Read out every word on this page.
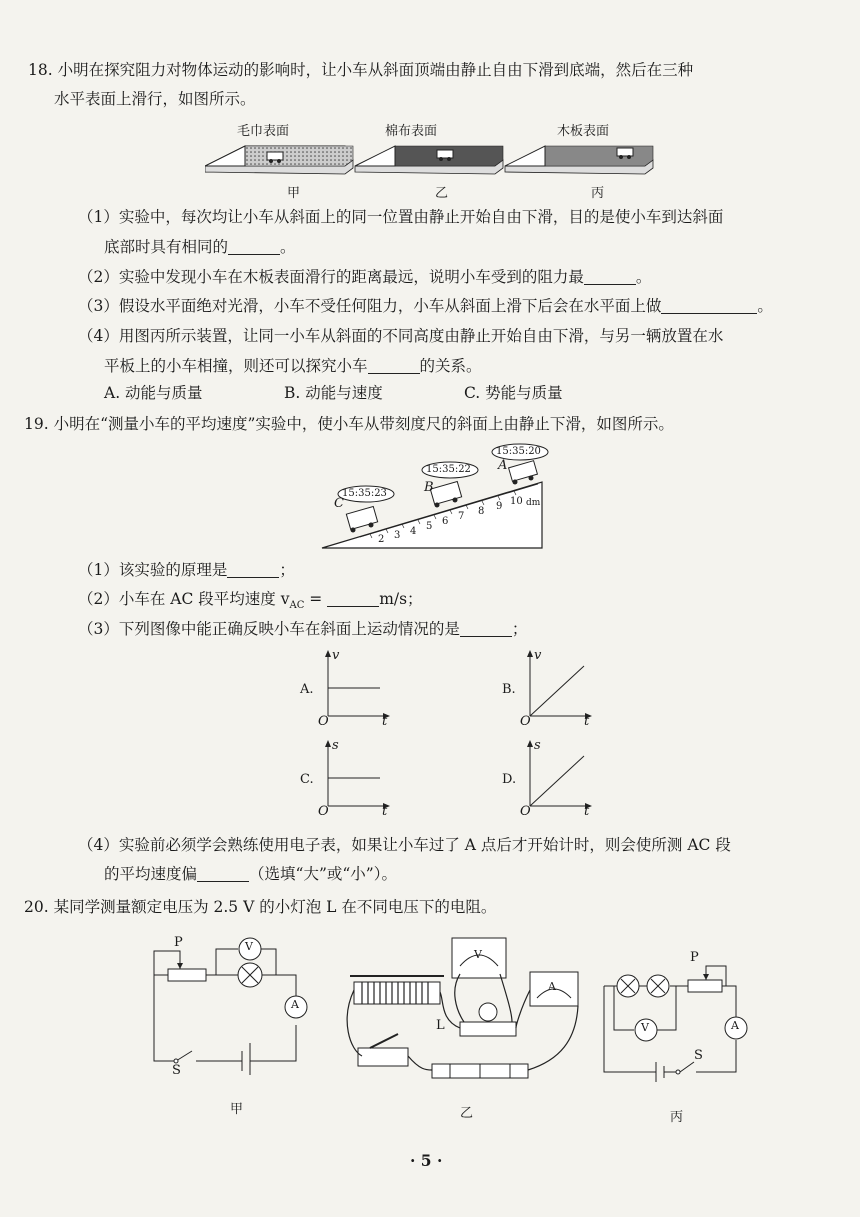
18. 小明在探究阻力对物体运动的影响时，让小车从斜面顶端由静止自由下滑到底端，然后在三种
水平表面上滑行，如图所示。
毛巾表面	棉布表面	木板表面
甲	乙	丙
（1）实验中，每次均让小车从斜面上的同一位置由静止开始自由下滑，目的是使小车到达斜面
底部时具有相同的	。
（2）实验中发现小车在木板表面滑行的距离最远，说明小车受到的阻力最	。
（3）假设水平面绝对光滑，小车不受任何阻力，小车从斜面上滑下后会在水平面上做	。
（4）用图丙所示装置，让同一小车从斜面的不同高度由静止开始自由下滑，与另一辆放置在水
平板上的小车相撞，则还可以探究小车	的关系。
A. 动能与质量	B. 动能与速度	C. 势能与质量
19. 小明在“测量小车的平均速度”实验中，使小车从带刻度尺的斜面上由静止下滑，如图所示。
15:35:23
15:35:22
15:35:20
C
B
A
2 3 4 5 6 7 8 9 10 dm
（1）该实验的原理是	；
（2）小车在 AC 段平均速度 $v_{AC}$ =	m/s；
（3）下列图像中能正确反映小车在斜面上运动情况的是	；
A.
v
O	t
B.
v
O	t
C.
s
O	t
D.
s
O	t
（4）实验前必须学会熟练使用电子表，如果让小车过了 A 点后才开始计时，则会使所测 AC 段
的平均速度偏	（选填“大”或“小”）。
20. 某同学测量额定电压为 2.5 V 的小灯泡 L 在不同电压下的电阻。
P	V
A
S
甲
L
V
A
乙
P
V	A
S
丙
· 5 ·
